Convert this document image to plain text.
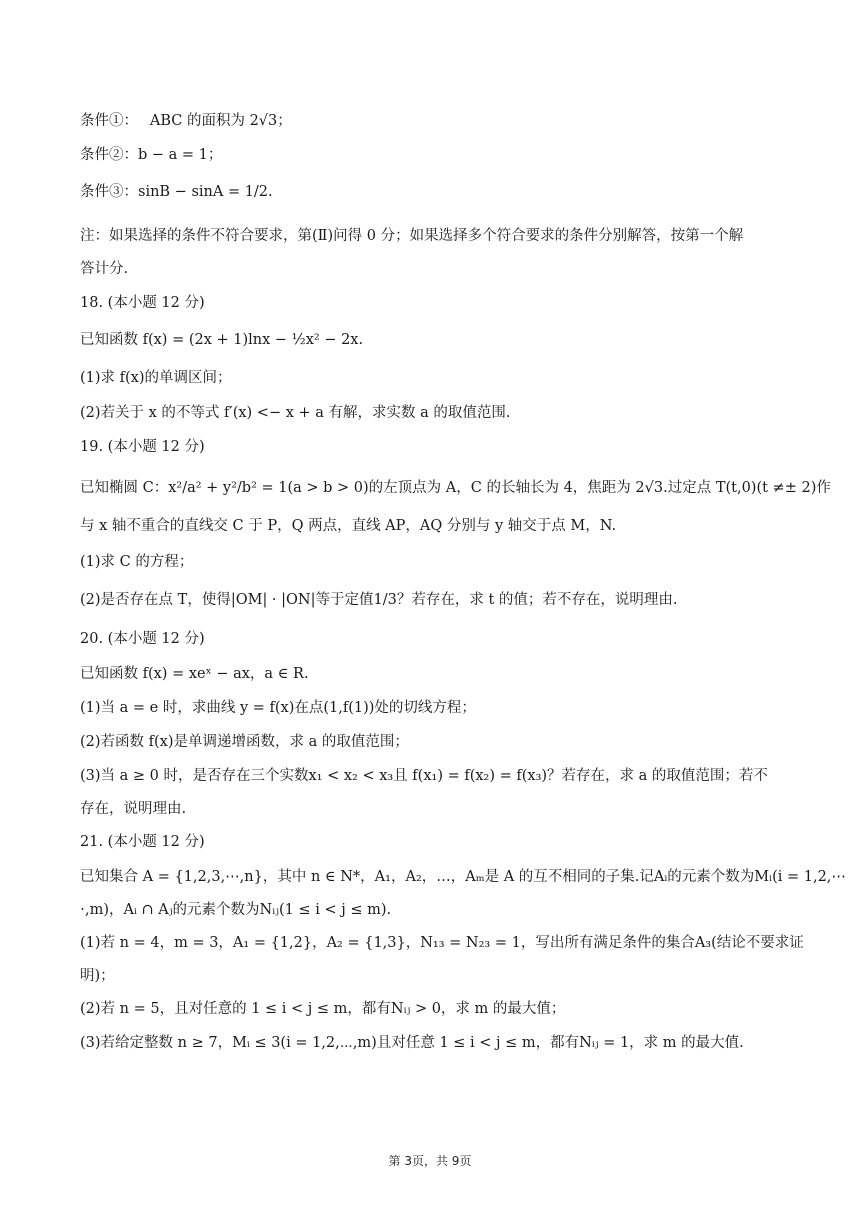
条件①：　 ABC 的面积为 2√3；
条件②：b − a = 1；
条件③：sinB − sinA = 1/2.
注：如果选择的条件不符合要求，第(Ⅱ)问得 0 分；如果选择多个符合要求的条件分别解答，按第一个解
答计分.
18. (本小题 12 分)
已知函数 f(x) = (2x + 1)lnx − ½x² − 2x.
(1)求 f(x)的单调区间；
(2)若关于 x 的不等式 f′(x) <− x + a 有解，求实数 a 的取值范围.
19. (本小题 12 分)
已知椭圆 C：x²/a² + y²/b² = 1(a > b > 0)的左顶点为 A，C 的长轴长为 4，焦距为 2√3.过定点 T(t,0)(t ≠± 2)作
与 x 轴不重合的直线交 C 于 P，Q 两点，直线 AP，AQ 分别与 y 轴交于点 M，N.
(1)求 C 的方程；
(2)是否存在点 T，使得|OM| · |ON|等于定值1/3？若存在，求 t 的值；若不存在，说明理由.
20. (本小题 12 分)
已知函数 f(x) = xeˣ − ax，a ∈ R.
(1)当 a = e 时，求曲线 y = f(x)在点(1,f(1))处的切线方程；
(2)若函数 f(x)是单调递增函数，求 a 的取值范围；
(3)当 a ≥ 0 时，是否存在三个实数x₁ < x₂ < x₃且 f(x₁) = f(x₂) = f(x₃)？若存在，求 a 的取值范围；若不
存在，说明理由.
21. (本小题 12 分)
已知集合 A = {1,2,3,⋯,n}，其中 n ∈ N*，A₁，A₂，…，Aₘ是 A 的互不相同的子集.记Aᵢ的元素个数为Mᵢ(i = 1,2,⋯
⋅,m)，Aᵢ ∩ Aⱼ的元素个数为Nᵢⱼ(1 ≤ i < j ≤ m).
(1)若 n = 4，m = 3，A₁ = {1,2}，A₂ = {1,3}，N₁₃ = N₂₃ = 1，写出所有满足条件的集合A₃(结论不要求证
明)；
(2)若 n = 5，且对任意的 1 ≤ i < j ≤ m，都有Nᵢⱼ > 0，求 m 的最大值；
(3)若给定整数 n ≥ 7，Mᵢ ≤ 3(i = 1,2,⋯,m)且对任意 1 ≤ i < j ≤ m，都有Nᵢⱼ = 1，求 m 的最大值.
第 3页，共 9页
